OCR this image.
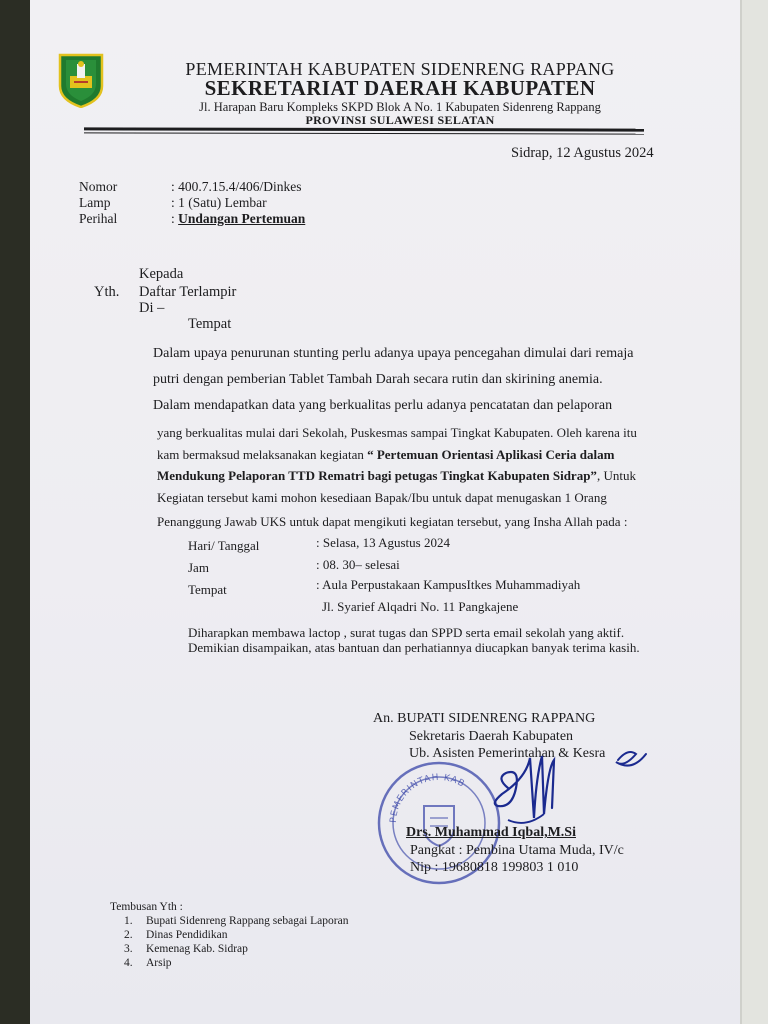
PEMERINTAH KABUPATEN SIDENRENG RAPPANG
SEKRETARIAT DAERAH KABUPATEN
Jl. Harapan Baru Kompleks SKPD Blok A No. 1 Kabupaten Sidenreng Rappang
PROVINSI SULAWESI SELATAN
Sidrap, 12 Agustus 2024
Nomor	: 400.7.15.4/406/Dinkes
Lamp	: 1 (Satu) Lembar
Perihal	: Undangan Pertemuan
Kepada
Yth. Daftar Terlampir
Di –
Tempat
Dalam upaya penurunan stunting perlu adanya upaya pencegahan dimulai dari remaja
putri dengan pemberian Tablet Tambah Darah secara rutin dan skirining anemia.
Dalam mendapatkan data yang berkualitas perlu adanya pencatatan dan pelaporan
yang berkualitas mulai dari Sekolah, Puskesmas sampai Tingkat Kabupaten. Oleh karena itu
kam bermaksud melaksanakan kegiatan “ Pertemuan Orientasi Aplikasi Ceria dalam
Mendukung Pelaporan TTD Rematri bagi petugas Tingkat Kabupaten Sidrap”, Untuk
Kegiatan tersebut kami mohon kesediaan Bapak/Ibu untuk dapat menugaskan 1 Orang
Penanggung Jawab UKS untuk dapat mengikuti kegiatan tersebut, yang Insha Allah pada :
Hari/ Tanggal	: Selasa, 13 Agustus 2024
Jam	: 08. 30– selesai
Tempat	: Aula Perpustakaan KampusItkes Muhammadiyah
Jl. Syarief Alqadri No. 11 Pangkajene
Diharapkan membawa lactop , surat tugas dan SPPD serta email sekolah yang aktif.
Demikian disampaikan, atas bantuan dan perhatiannya diucapkan banyak terima kasih.
An. BUPATI SIDENRENG RAPPANG
Sekretaris Daerah Kabupaten
Ub. Asisten Pemerintahan & Kesra
PEMERINTAH KAB
Drs. Muhammad Iqbal,M.Si
Pangkat : Pembina Utama Muda, IV/c
Nip : 19680818 199803 1 010
Tembusan Yth :
1. Bupati Sidenreng Rappang sebagai Laporan
2. Dinas Pendidikan
3. Kemenag Kab. Sidrap
4. Arsip
